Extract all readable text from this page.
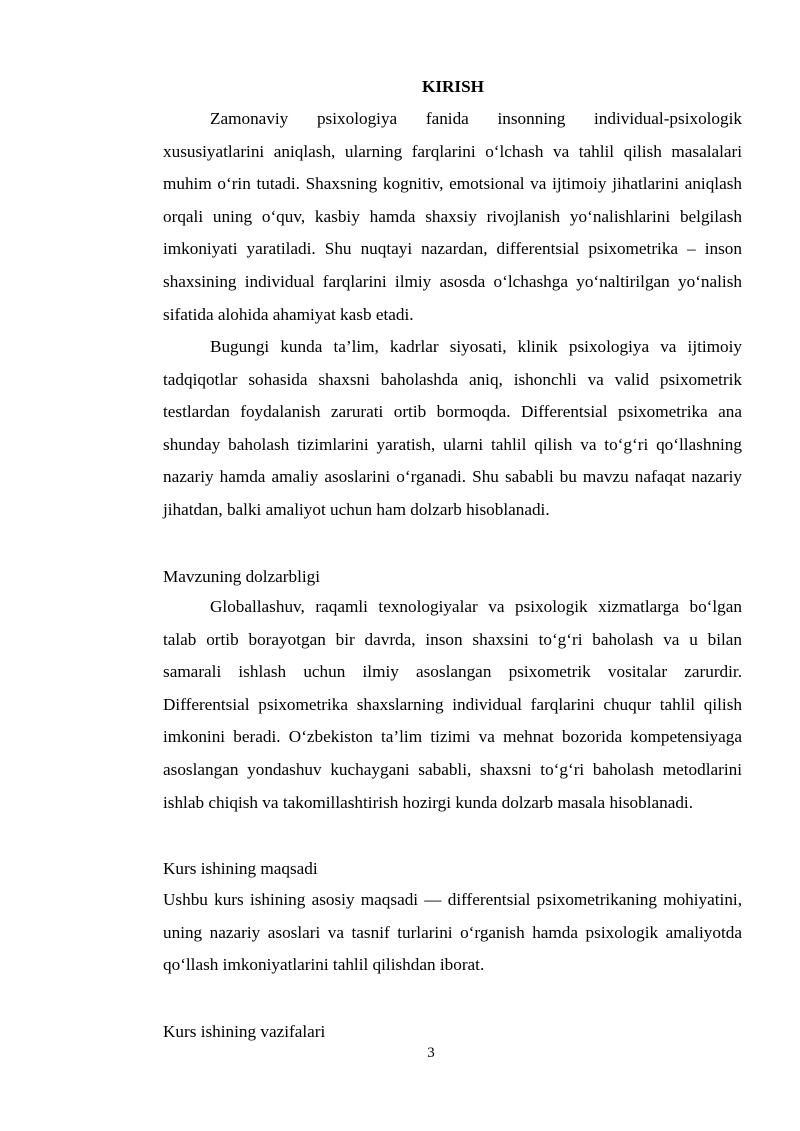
KIRISH

Zamonaviy psixologiya fanida insonning individual-psixologik xususiyatlarini aniqlash, ularning farqlarini o‘lchash va tahlil qilish masalalari muhim o‘rin tutadi. Shaxsning kognitiv, emotsional va ijtimoiy jihatlarini aniqlash orqali uning o‘quv, kasbiy hamda shaxsiy rivojlanish yo‘nalishlarini belgilash imkoniyati yaratiladi. Shu nuqtayi nazardan, differentsial psixometrika – inson shaxsining individual farqlarini ilmiy asosda o‘lchashga yo‘naltirilgan yo‘nalish sifatida alohida ahamiyat kasb etadi.

Bugungi kunda ta’lim, kadrlar siyosati, klinik psixologiya va ijtimoiy tadqiqotlar sohasida shaxsni baholashda aniq, ishonchli va valid psixometrik testlardan foydalanish zarurati ortib bormoqda. Differentsial psixometrika ana shunday baholash tizimlarini yaratish, ularni tahlil qilish va to‘g‘ri qo‘llashning nazariy hamda amaliy asoslarini o‘rganadi. Shu sababli bu mavzu nafaqat nazariy jihatdan, balki amaliyot uchun ham dolzarb hisoblanadi.

Mavzuning dolzarbligi

Globallashuv, raqamli texnologiyalar va psixologik xizmatlarga bo‘lgan talab ortib borayotgan bir davrda, inson shaxsini to‘g‘ri baholash va u bilan samarali ishlash uchun ilmiy asoslangan psixometrik vositalar zarurdir. Differentsial psixometrika shaxslarning individual farqlarini chuqur tahlil qilish imkonini beradi. O‘zbekiston ta’lim tizimi va mehnat bozorida kompetensiyaga asoslangan yondashuv kuchaygani sababli, shaxsni to‘g‘ri baholash metodlarini ishlab chiqish va takomillashtirish hozirgi kunda dolzarb masala hisoblanadi.

Kurs ishining maqsadi

Ushbu kurs ishining asosiy maqsadi — differentsial psixometrikaning mohiyatini, uning nazariy asoslari va tasnif turlarini o‘rganish hamda psixologik amaliyotda qo‘llash imkoniyatlarini tahlil qilishdan iborat.

Kurs ishining vazifalari

3
